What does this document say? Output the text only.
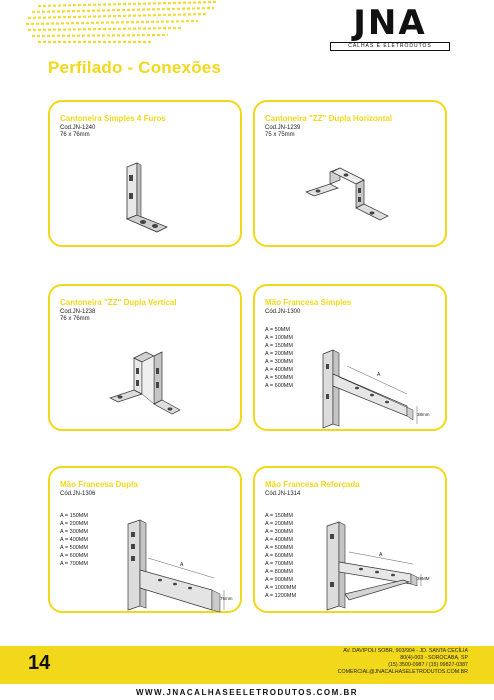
JNA
CALHAS E ELETRODUTOS
Perfilado - Conexões
Cantoneira Simples 4 Furos
Cod.JN-1240
76 x 76mm
Cantoneira "ZZ" Dupla Horizontal
Cod.JN-1239
75 x 75mm
Cantoneira "ZZ" Dupla Vertical
Cod.JN-1238
76 x 76mm
Mão Francesa Simples
Cód.JN-1300
A = 50MM
A = 100MM
A = 150MM
A = 200MM
A = 300MM
A = 400MM
A = 500MM
A = 600MM
A
38mm
Mão Francesa Dupla
Cód.JN-1306
A = 150MM
A = 200MM
A = 300MM
A = 400MM
A = 500MM
A = 600MM
A = 700MM	A
75mm
Mão Francesa Reforçada
Cód.JN-1314
A = 150MM
A = 200MM
A = 300MM
A = 400MM
A = 500MM
A = 600MM
A = 700MM
A = 800MM
A = 900MM
A = 1000MM
A = 1200MM
A
38MM
14
AV. DAVIPOLI SOBR, 903/904 - JD. SANTA CECÍLIA
80(4)-003 - SOROCABA, SP
(15) 3500-0987 / (15) 99827-0387
COMERCIAL@JNACALHASELETRODUTOS.COM.BR
WWW.JNACALHASEELETRODUTOS.COM.BR
